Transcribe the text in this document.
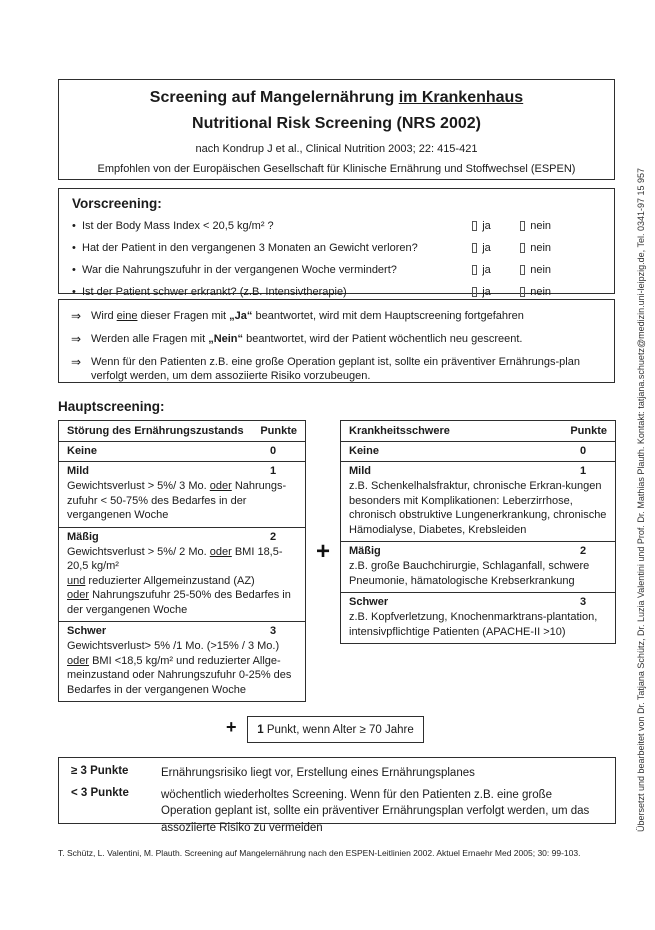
Screening auf Mangelernährung im Krankenhaus
Nutritional Risk Screening (NRS 2002)
nach Kondrup J et al., Clinical Nutrition 2003; 22: 415-421
Empfohlen von der Europäischen Gesellschaft für Klinische Ernährung und Stoffwechsel (ESPEN)
Vorscreening:
• Ist der Body Mass Index < 20,5 kg/m² ?	ja	nein
• Hat der Patient in den vergangenen 3 Monaten an Gewicht verloren?	ja	nein
• War die Nahrungszufuhr in der vergangenen Woche vermindert?	ja	nein
• Ist der Patient schwer erkrankt? (z.B. Intensivtherapie)	ja	nein
⇒ Wird eine dieser Fragen mit „Ja“ beantwortet, wird mit dem Hauptscreening fortgefahren
⇒ Werden alle Fragen mit „Nein“ beantwortet, wird der Patient wöchentlich neu gescreent.
⇒ Wenn für den Patienten z.B. eine große Operation geplant ist, sollte ein präventiver Ernährungs-plan verfolgt werden, um dem assoziierte Risiko vorzubeugen.
Hauptscreening:
Störung des Ernährungszustands Punkte
Keine	0
Mild	1
Gewichtsverlust > 5%/ 3 Mo. oder Nahrungs-zufuhr < 50-75% des Bedarfes in der vergangenen Woche
Mäßig	2
Gewichtsverlust > 5%/ 2 Mo. oder BMI 18,5-20,5 kg/m²
und reduzierter Allgemeinzustand (AZ)
oder Nahrungszufuhr 25-50% des Bedarfes in der vergangenen Woche
Schwer	3
Gewichtsverlust> 5% /1 Mo. (>15% / 3 Mo.)
oder BMI <18,5 kg/m² und reduzierter Allge-meinzustand oder Nahrungszufuhr 0-25% des Bedarfes in der vergangenen Woche
+
Krankheitsschwere	Punkte
Keine	0
Mild	1
z.B. Schenkelhalsfraktur, chronische Erkran-kungen besonders mit Komplikationen: Leberzirrhose, chronisch obstruktive Lungenerkrankung, chronische Hämodialyse, Diabetes, Krebsleiden
Mäßig	2
z.B. große Bauchchirurgie, Schlaganfall, schwere Pneumonie, hämatologische Krebserkrankung
Schwer	3
z.B. Kopfverletzung, Knochenmarktrans-plantation, intensivpflichtige Patienten (APACHE-II >10)
+ 1 Punkt, wenn Alter ≥ 70 Jahre
≥ 3 Punkte	Ernährungsrisiko liegt vor, Erstellung eines Ernährungsplanes
< 3 Punkte	wöchentlich wiederholtes Screening. Wenn für den Patienten z.B. eine große Operation geplant ist, sollte ein präventiver Ernährungsplan verfolgt werden, um das assoziierte Risiko zu vermeiden
T. Schütz, L. Valentini, M. Plauth. Screening auf Mangelernährung nach den ESPEN-Leitlinien 2002. Aktuel Ernaehr Med 2005; 30: 99-103.
Übersetzt und bearbeitet von Dr. Tatjana Schütz, Dr. Luzia Valentini und Prof. Dr. Mathias Plauth. Kontakt: tatjana.schuetz@medizin.uni-leipzig.de, Tel. 0341-97 15 957
